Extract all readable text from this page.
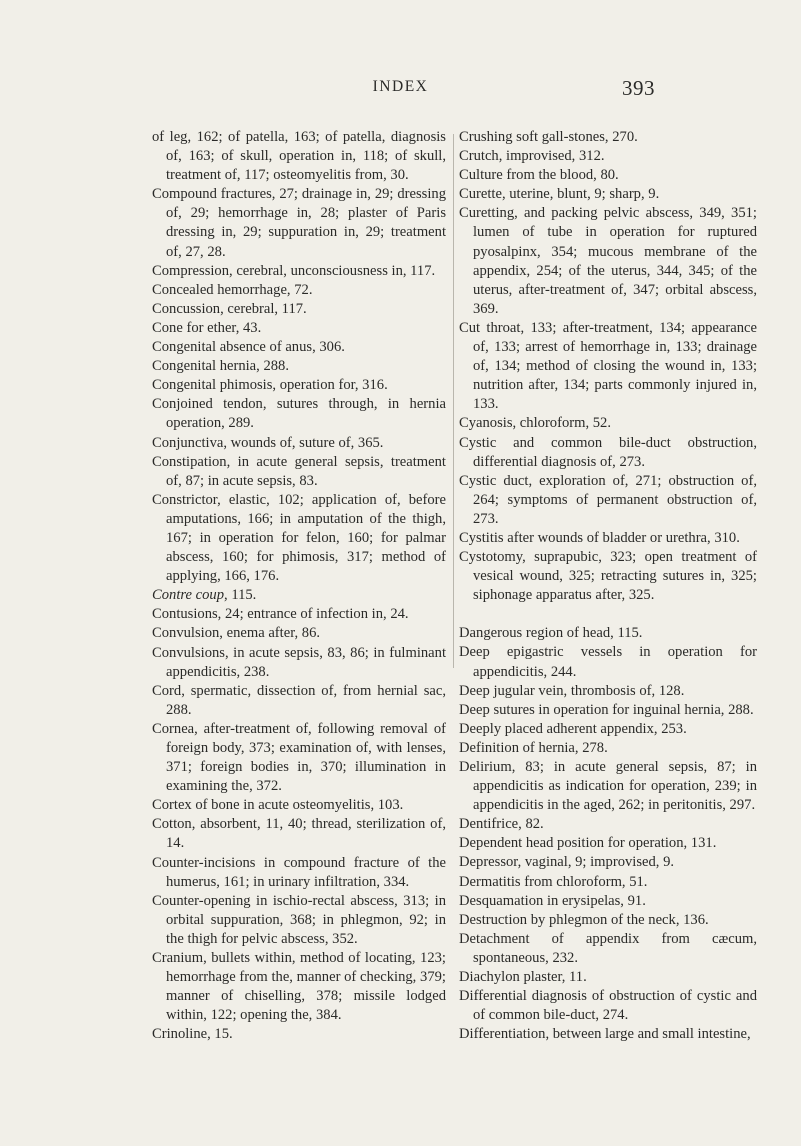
INDEX	393
of leg, 162; of patella, 163; of patella, diagnosis of, 163; of skull, operation in, 118; of skull, treatment of, 117; osteomyelitis from, 30.
Compound fractures, 27; drainage in, 29; dressing of, 29; hemorrhage in, 28; plaster of Paris dressing in, 29; suppuration in, 29; treatment of, 27, 28.
Compression, cerebral, unconsciousness in, 117.
Concealed hemorrhage, 72.
Concussion, cerebral, 117.
Cone for ether, 43.
Congenital absence of anus, 306.
Congenital hernia, 288.
Congenital phimosis, operation for, 316.
Conjoined tendon, sutures through, in hernia operation, 289.
Conjunctiva, wounds of, suture of, 365.
Constipation, in acute general sepsis, treatment of, 87; in acute sepsis, 83.
Constrictor, elastic, 102; application of, before amputations, 166; in amputation of the thigh, 167; in operation for felon, 160; for palmar abscess, 160; for phimosis, 317; method of applying, 166, 176.
Contre coup, 115.
Contusions, 24; entrance of infection in, 24.
Convulsion, enema after, 86.
Convulsions, in acute sepsis, 83, 86; in fulminant appendicitis, 238.
Cord, spermatic, dissection of, from hernial sac, 288.
Cornea, after-treatment of, following removal of foreign body, 373; examination of, with lenses, 371; foreign bodies in, 370; illumination in examining the, 372.
Cortex of bone in acute osteomyelitis, 103.
Cotton, absorbent, 11, 40; thread, sterilization of, 14.
Counter-incisions in compound fracture of the humerus, 161; in urinary infiltration, 334.
Counter-opening in ischio-rectal abscess, 313; in orbital suppuration, 368; in phlegmon, 92; in the thigh for pelvic abscess, 352.
Cranium, bullets within, method of locating, 123; hemorrhage from the, manner of checking, 379; manner of chiselling, 378; missile lodged within, 122; opening the, 384.
Crinoline, 15.
Crushing soft gall-stones, 270.
Crutch, improvised, 312.
Culture from the blood, 80.
Curette, uterine, blunt, 9; sharp, 9.
Curetting, and packing pelvic abscess, 349, 351; lumen of tube in operation for ruptured pyosalpinx, 354; mucous membrane of the appendix, 254; of the uterus, 344, 345; of the uterus, after-treatment of, 347; orbital abscess, 369.
Cut throat, 133; after-treatment, 134; appearance of, 133; arrest of hemorrhage in, 133; drainage of, 134; method of closing the wound in, 133; nutrition after, 134; parts commonly injured in, 133.
Cyanosis, chloroform, 52.
Cystic and common bile-duct obstruction, differential diagnosis of, 273.
Cystic duct, exploration of, 271; obstruction of, 264; symptoms of permanent obstruction of, 273.
Cystitis after wounds of bladder or urethra, 310.
Cystotomy, suprapubic, 323; open treatment of vesical wound, 325; retracting sutures in, 325; siphonage apparatus after, 325.
Dangerous region of head, 115.
Deep epigastric vessels in operation for appendicitis, 244.
Deep jugular vein, thrombosis of, 128.
Deep sutures in operation for inguinal hernia, 288.
Deeply placed adherent appendix, 253.
Definition of hernia, 278.
Delirium, 83; in acute general sepsis, 87; in appendicitis as indication for operation, 239; in appendicitis in the aged, 262; in peritonitis, 297.
Dentifrice, 82.
Dependent head position for operation, 131.
Depressor, vaginal, 9; improvised, 9.
Dermatitis from chloroform, 51.
Desquamation in erysipelas, 91.
Destruction by phlegmon of the neck, 136.
Detachment of appendix from cæcum, spontaneous, 232.
Diachylon plaster, 11.
Differential diagnosis of obstruction of cystic and of common bile-duct, 274.
Differentiation, between large and small intestine,
